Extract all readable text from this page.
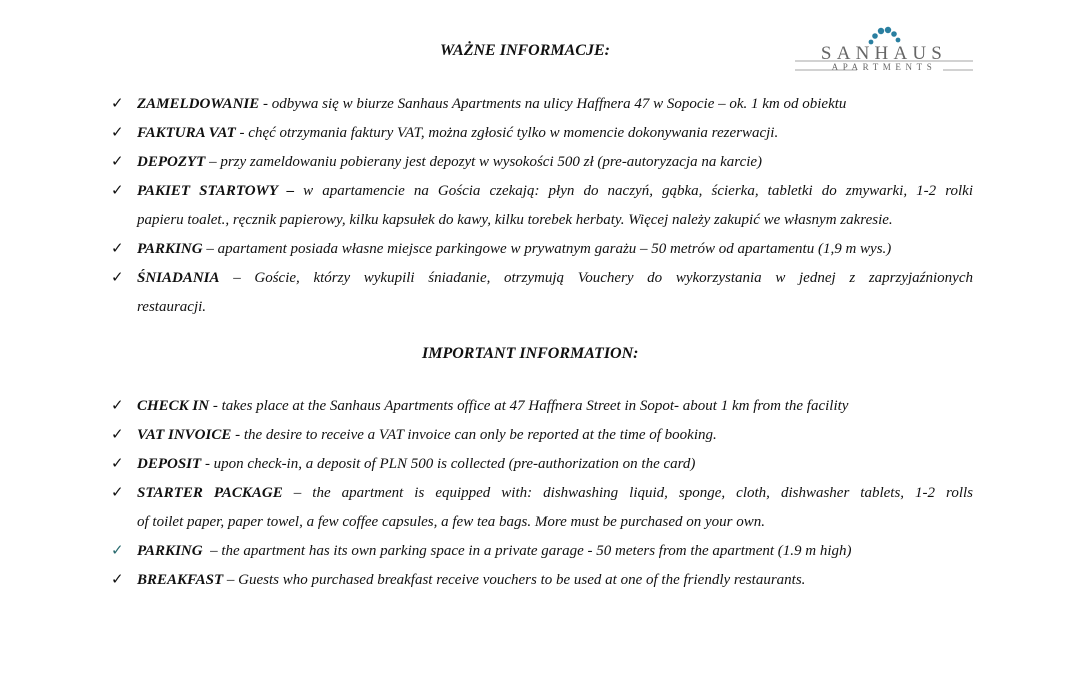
WAŻNE INFORMACJE:	SANHAUS
APARTMENTS
✓ ZAMELDOWANIE - odbywa się w biurze Sanhaus Apartments na ulicy Haffnera 47 w Sopocie – ok. 1 km od obiektu
✓ FAKTURA VAT - chęć otrzymania faktury VAT, można zgłosić tylko w momencie dokonywania rezerwacji.
✓ DEPOZYT – przy zameldowaniu pobierany jest depozyt w wysokości 500 zł (pre-autoryzacja na karcie)
✓ PAKIET STARTOWY – w apartamencie na Gościa czekają: płyn do naczyń, gąbka, ścierka, tabletki do zmywarki, 1-2 rolki
papieru toalet., ręcznik papierowy, kilku kapsułek do kawy, kilku torebek herbaty. Więcej należy zakupić we własnym zakresie.
✓ PARKING – apartament posiada własne miejsce parkingowe w prywatnym garażu – 50 metrów od apartamentu (1,9 m wys.)
✓ ŚNIADANIA – Goście, którzy wykupili śniadanie, otrzymują Vouchery do wykorzystania w jednej z zaprzyjaźnionych
restauracji.
IMPORTANT INFORMATION:
✓ CHECK IN - takes place at the Sanhaus Apartments office at 47 Haffnera Street in Sopot- about 1 km from the facility
✓ VAT INVOICE - the desire to receive a VAT invoice can only be reported at the time of booking.
✓ DEPOSIT - upon check-in, a deposit of PLN 500 is collected (pre-authorization on the card)
✓ STARTER PACKAGE – the apartment is equipped with: dishwashing liquid, sponge, cloth, dishwasher tablets, 1-2 rolls
of toilet paper, paper towel, a few coffee capsules, a few tea bags. More must be purchased on your own.
✓ PARKING  – the apartment has its own parking space in a private garage - 50 meters from the apartment (1.9 m high)
✓ BREAKFAST – Guests who purchased breakfast receive vouchers to be used at one of the friendly restaurants.
